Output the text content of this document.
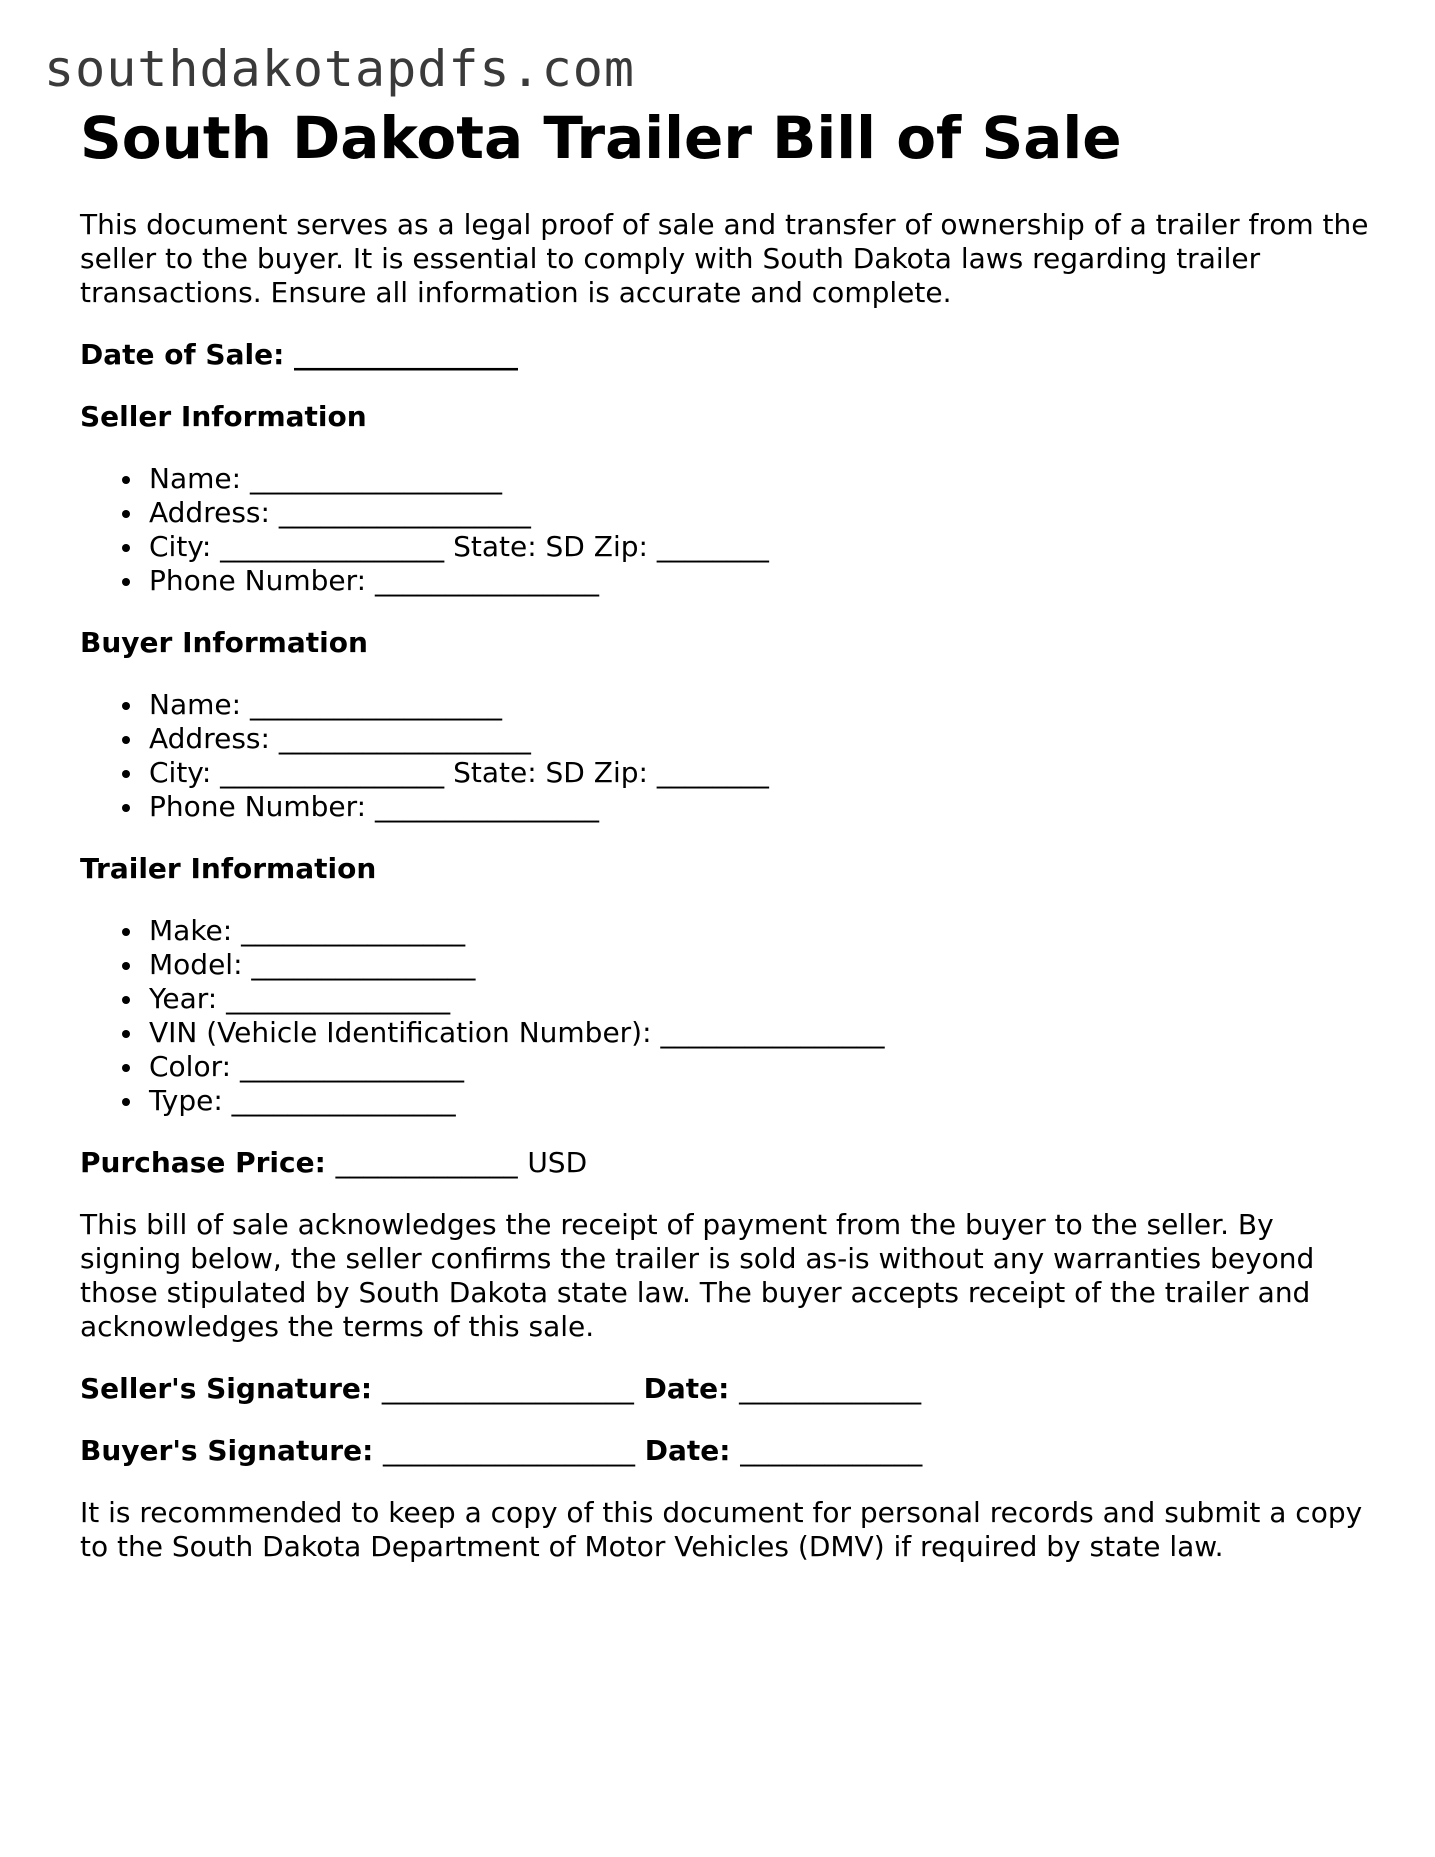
southdakotapdfs.com
South Dakota Trailer Bill of Sale

This document serves as a legal proof of sale and transfer of ownership of a trailer from the seller to the buyer. It is essential to comply with South Dakota laws regarding trailer transactions. Ensure all information is accurate and complete.

Date of Sale: ________________

Seller Information

Name: __________________
Address: __________________
City: ________________ State: SD Zip: ________
Phone Number: ________________

Buyer Information

Name: __________________
Address: __________________
City: ________________ State: SD Zip: ________
Phone Number: ________________

Trailer Information

Make: ________________
Model: ________________
Year: ________________
VIN (Vehicle Identification Number): ________________
Color: ________________
Type: ________________

Purchase Price: _____________ USD

This bill of sale acknowledges the receipt of payment from the buyer to the seller. By signing below, the seller confirms the trailer is sold as-is without any warranties beyond those stipulated by South Dakota state law. The buyer accepts receipt of the trailer and acknowledges the terms of this sale.

Seller's Signature: __________________ Date: _____________

Buyer's Signature: __________________ Date: _____________

It is recommended to keep a copy of this document for personal records and submit a copy to the South Dakota Department of Motor Vehicles (DMV) if required by state law.
